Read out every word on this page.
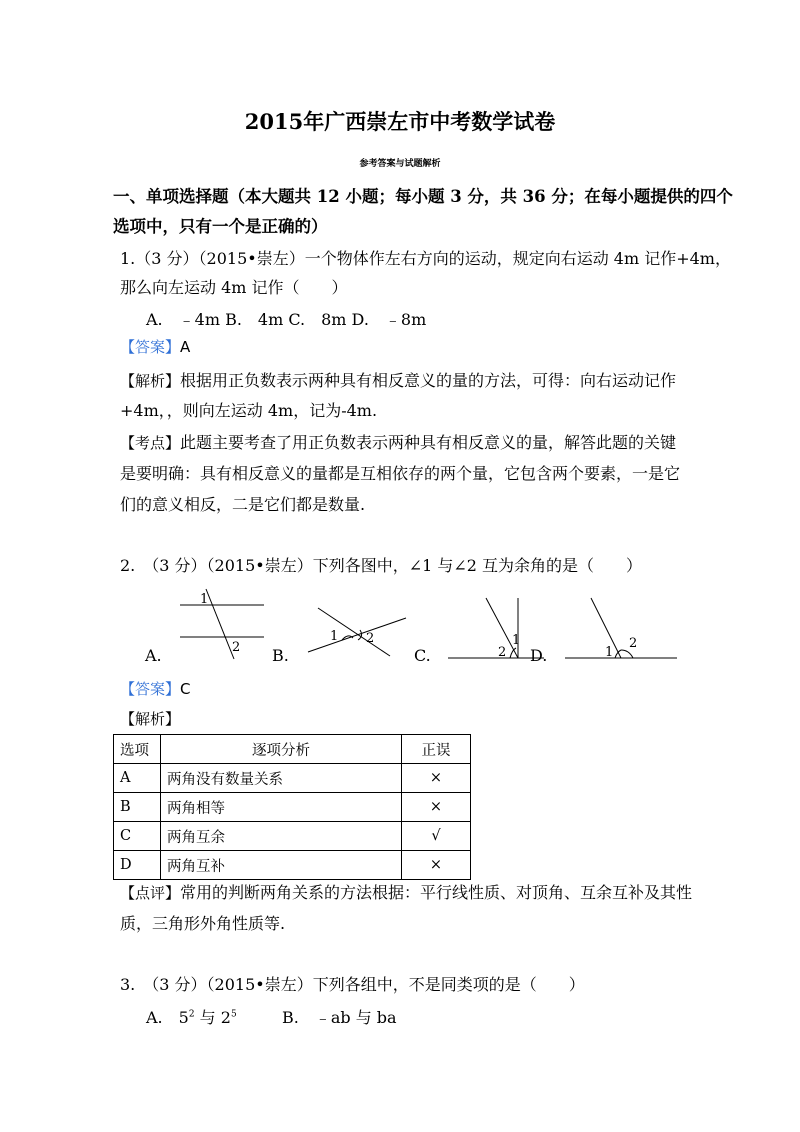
2015年广西崇左市中考数学试卷
参考答案与试题解析
一、单项选择题（本大题共 12 小题；每小题 3 分，共 36 分；在每小题提供的四个
选项中，只有一个是正确的）
1.（3 分）（2015•崇左）一个物体作左右方向的运动，规定向右运动 4m 记作+4m，
那么向左运动 4m 记作（　　）
A.　﹣4m B.　4m C.　8m D.　﹣8m
【答案】A
【解析】根据用正负数表示两种具有相反意义的量的方法，可得：向右运动记作
+4m，，则向左运动 4m，记为-4m.
【考点】此题主要考查了用正负数表示两种具有相反意义的量，解答此题的关键
是要明确：具有相反意义的量都是互相依存的两个量，它包含两个要素，一是它
们的意义相反，二是它们都是数量.
2.　（3 分）（2015•崇左）下列各图中，∠1 与∠2 互为余角的是（　　）
1
2
A.
1 2
B.
1
2
C.	1
2
D.
【答案】C
【解析】
选项	逐项分析	正误
A	两角没有数量关系	×
B	两角相等	×
C	两角互余	√
D	两角互补	×
【点评】常用的判断两角关系的方法根据：平行线性质、对顶角、互余互补及其性
质，三角形外角性质等.
3.　（3 分）（2015•崇左）下列各组中，不是同类项的是（　　）
A.　 $5^2$ 与 $2^5$	B.　﹣ab 与 ba
